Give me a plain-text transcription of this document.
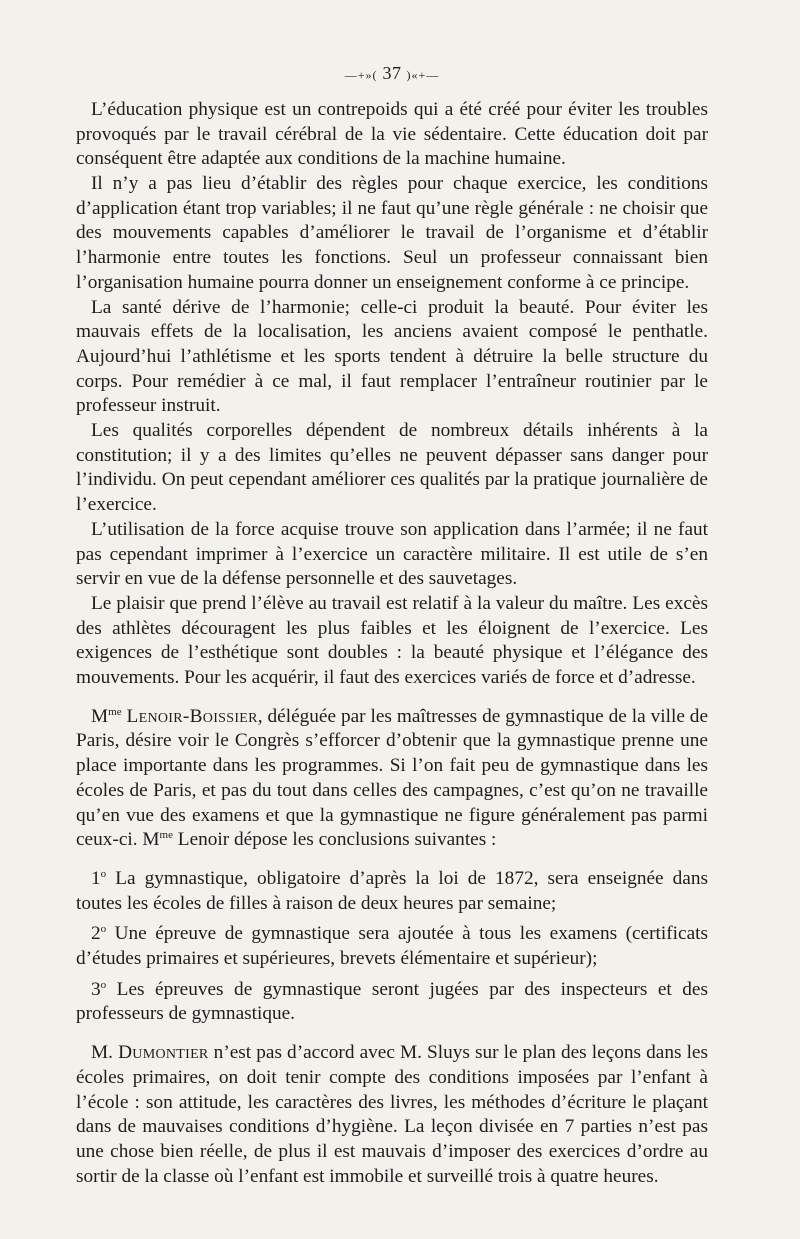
—+»( 37 )«+—

L’éducation physique est un contrepoids qui a été créé pour éviter les troubles provoqués par le travail cérébral de la vie sédentaire. Cette éducation doit par conséquent être adaptée aux conditions de la machine humaine.

Il n’y a pas lieu d’établir des règles pour chaque exercice, les conditions d’application étant trop variables; il ne faut qu’une règle générale : ne choisir que des mouvements capables d’améliorer le travail de l’organisme et d’établir l’harmonie entre toutes les fonctions. Seul un professeur connaissant bien l’organisation humaine pourra donner un enseignement conforme à ce principe.

La santé dérive de l’harmonie; celle-ci produit la beauté. Pour éviter les mauvais effets de la localisation, les anciens avaient composé le penthatle. Aujourd’hui l’athlétisme et les sports tendent à détruire la belle structure du corps. Pour remédier à ce mal, il faut remplacer l’entraîneur routinier par le professeur instruit.

Les qualités corporelles dépendent de nombreux détails inhérents à la constitution; il y a des limites qu’elles ne peuvent dépasser sans danger pour l’individu. On peut cependant améliorer ces qualités par la pratique journalière de l’exercice.

L’utilisation de la force acquise trouve son application dans l’armée; il ne faut pas cependant imprimer à l’exercice un caractère militaire. Il est utile de s’en servir en vue de la défense personnelle et des sauvetages.

Le plaisir que prend l’élève au travail est relatif à la valeur du maître. Les excès des athlètes découragent les plus faibles et les éloignent de l’exercice. Les exigences de l’esthétique sont doubles : la beauté physique et l’élégance des mouvements. Pour les acquérir, il faut des exercices variés de force et d’adresse.

$M^{me}$ Lenoir-Boissier, déléguée par les maîtresses de gymnastique de la ville de Paris, désire voir le Congrès s’efforcer d’obtenir que la gymnastique prenne une place importante dans les programmes. Si l’on fait peu de gymnastique dans les écoles de Paris, et pas du tout dans celles des campagnes, c’est qu’on ne travaille qu’en vue des examens et que la gymnastique ne figure généralement pas parmi ceux-ci. $M^{me}$ Lenoir dépose les conclusions suivantes :

1$^o$ La gymnastique, obligatoire d’après la loi de 1872, sera enseignée dans toutes les écoles de filles à raison de deux heures par semaine;

2$^o$ Une épreuve de gymnastique sera ajoutée à tous les examens (certificats d’études primaires et supérieures, brevets élémentaire et supérieur);

3$^o$ Les épreuves de gymnastique seront jugées par des inspecteurs et des professeurs de gymnastique.

M. Dumontier n’est pas d’accord avec M. Sluys sur le plan des leçons dans les écoles primaires, on doit tenir compte des conditions imposées par l’enfant à l’école : son attitude, les caractères des livres, les méthodes d’écriture le plaçant dans de mauvaises conditions d’hygiène. La leçon divisée en 7 parties n’est pas une chose bien réelle, de plus il est mauvais d’imposer des exercices d’ordre au sortir de la classe où l’enfant est immobile et surveillé trois à quatre heures.
